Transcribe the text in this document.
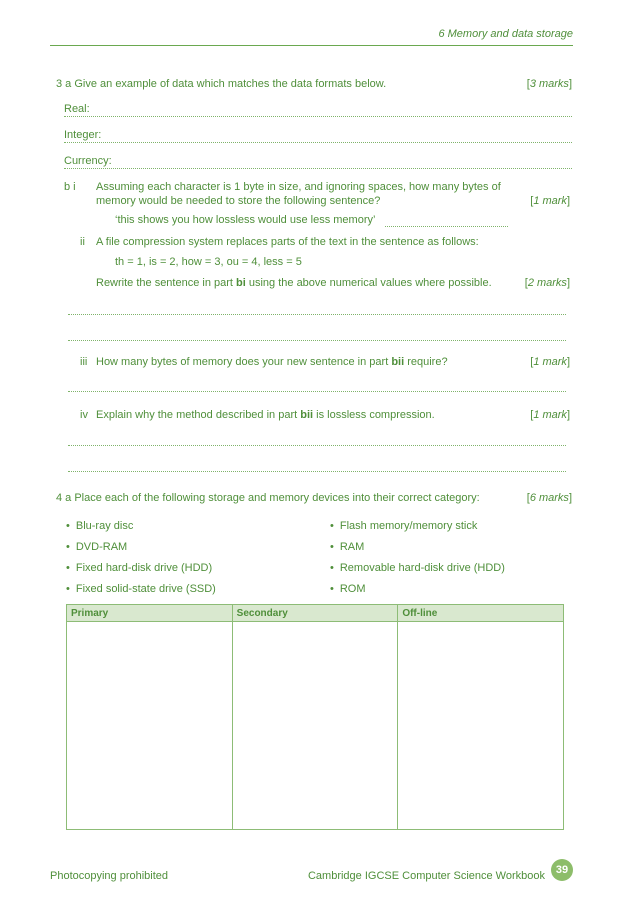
6 Memory and data storage
3 a Give an example of data which matches the data formats below.	[3 marks]
Real:
Integer:
Currency:
b i Assuming each character is 1 byte in size, and ignoring spaces, how many bytes of
memory would be needed to store the following sentence?	[1 mark]
‘this shows you how lossless would use less memory’
ii A file compression system replaces parts of the text in the sentence as follows:
th = 1, is = 2, how = 3, ou = 4, less = 5
Rewrite the sentence in part bi using the above numerical values where possible.	[2 marks]
iii How many bytes of memory does your new sentence in part bii require?	[1 mark]
iv Explain why the method described in part bii is lossless compression.	[1 mark]
4 a Place each of the following storage and memory devices into their correct category:	[6 marks]
• Blu-ray disc
• DVD-RAM
• Fixed hard-disk drive (HDD)
• Fixed solid-state drive (SSD)
• Flash memory/memory stick
• RAM
• Removable hard-disk drive (HDD)
• ROM
Primary	Secondary	Off-line

Photocopying prohibited	Cambridge IGCSE Computer Science Workbook 39
